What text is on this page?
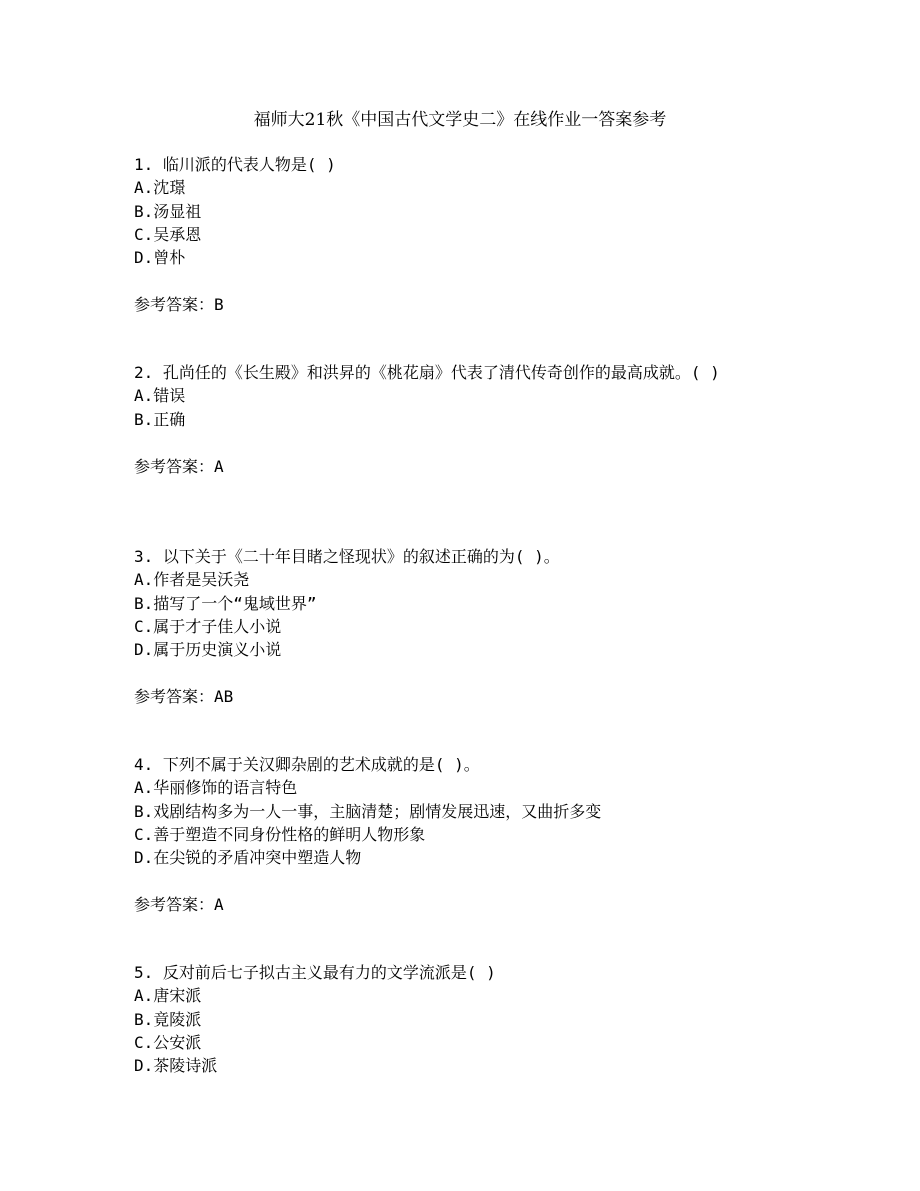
福师大21秋《中国古代文学史二》在线作业一答案参考
1. 临川派的代表人物是( )
A.沈璟
B.汤显祖
C.吴承恩
D.曾朴
参考答案：B
2. 孔尚任的《长生殿》和洪昇的《桃花扇》代表了清代传奇创作的最高成就。( )
A.错误
B.正确
参考答案：A
3. 以下关于《二十年目睹之怪现状》的叙述正确的为( )。
A.作者是吴沃尧
B.描写了一个“鬼域世界”
C.属于才子佳人小说
D.属于历史演义小说
参考答案：AB
4. 下列不属于关汉卿杂剧的艺术成就的是( )。
A.华丽修饰的语言特色
B.戏剧结构多为一人一事，主脑清楚；剧情发展迅速，又曲折多变
C.善于塑造不同身份性格的鲜明人物形象
D.在尖锐的矛盾冲突中塑造人物
参考答案：A
5. 反对前后七子拟古主义最有力的文学流派是( )
A.唐宋派
B.竟陵派
C.公安派
D.茶陵诗派
